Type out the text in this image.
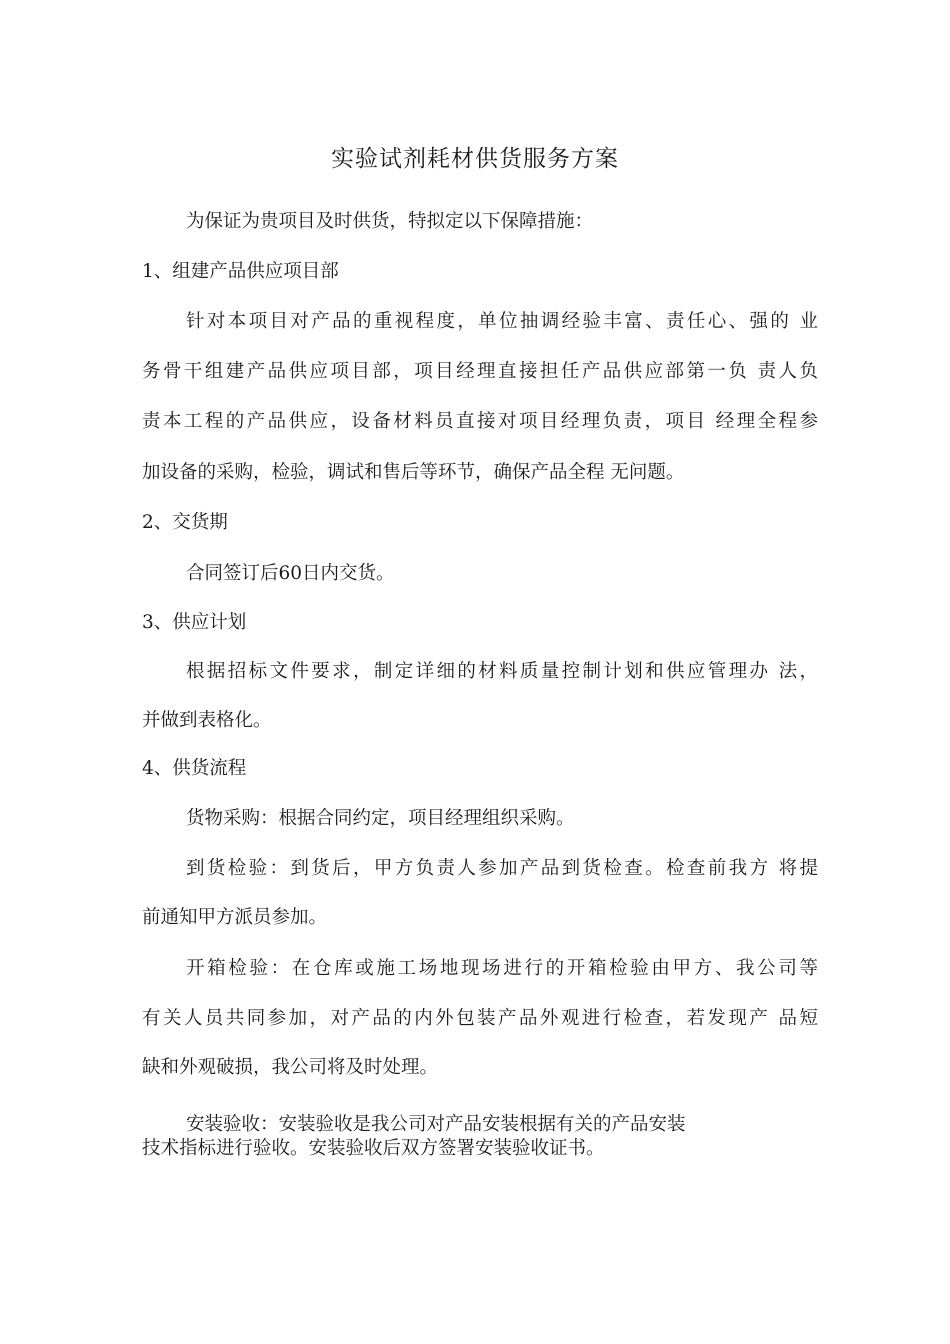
实验试剂耗材供货服务方案
为保证为贵项目及时供货，特拟定以下保障措施：
1、组建产品供应项目部
针对本项目对产品的重视程度，单位抽调经验丰富、责任心、强的 业
务骨干组建产品供应项目部，项目经理直接担任产品供应部第一负 责人负
责本工程的产品供应，设备材料员直接对项目经理负责，项目 经理全程参
加设备的采购，检验，调试和售后等环节，确保产品全程 无问题。
2、交货期
合同签订后60日内交货。
3、供应计划
根据招标文件要求，制定详细的材料质量控制计划和供应管理办 法，
并做到表格化。
4、供货流程
货物采购：根据合同约定，项目经理组织采购。
到货检验：到货后，甲方负责人参加产品到货检查。检查前我方 将提
前通知甲方派员参加。
开箱检验：在仓库或施工场地现场进行的开箱检验由甲方、我公司等
有关人员共同参加，对产品的内外包装产品外观进行检查，若发现产 品短
缺和外观破损，我公司将及时处理。
安装验收：安装验收是我公司对产品安装根据有关的产品安装
技术指标进行验收。安装验收后双方签署安装验收证书。
